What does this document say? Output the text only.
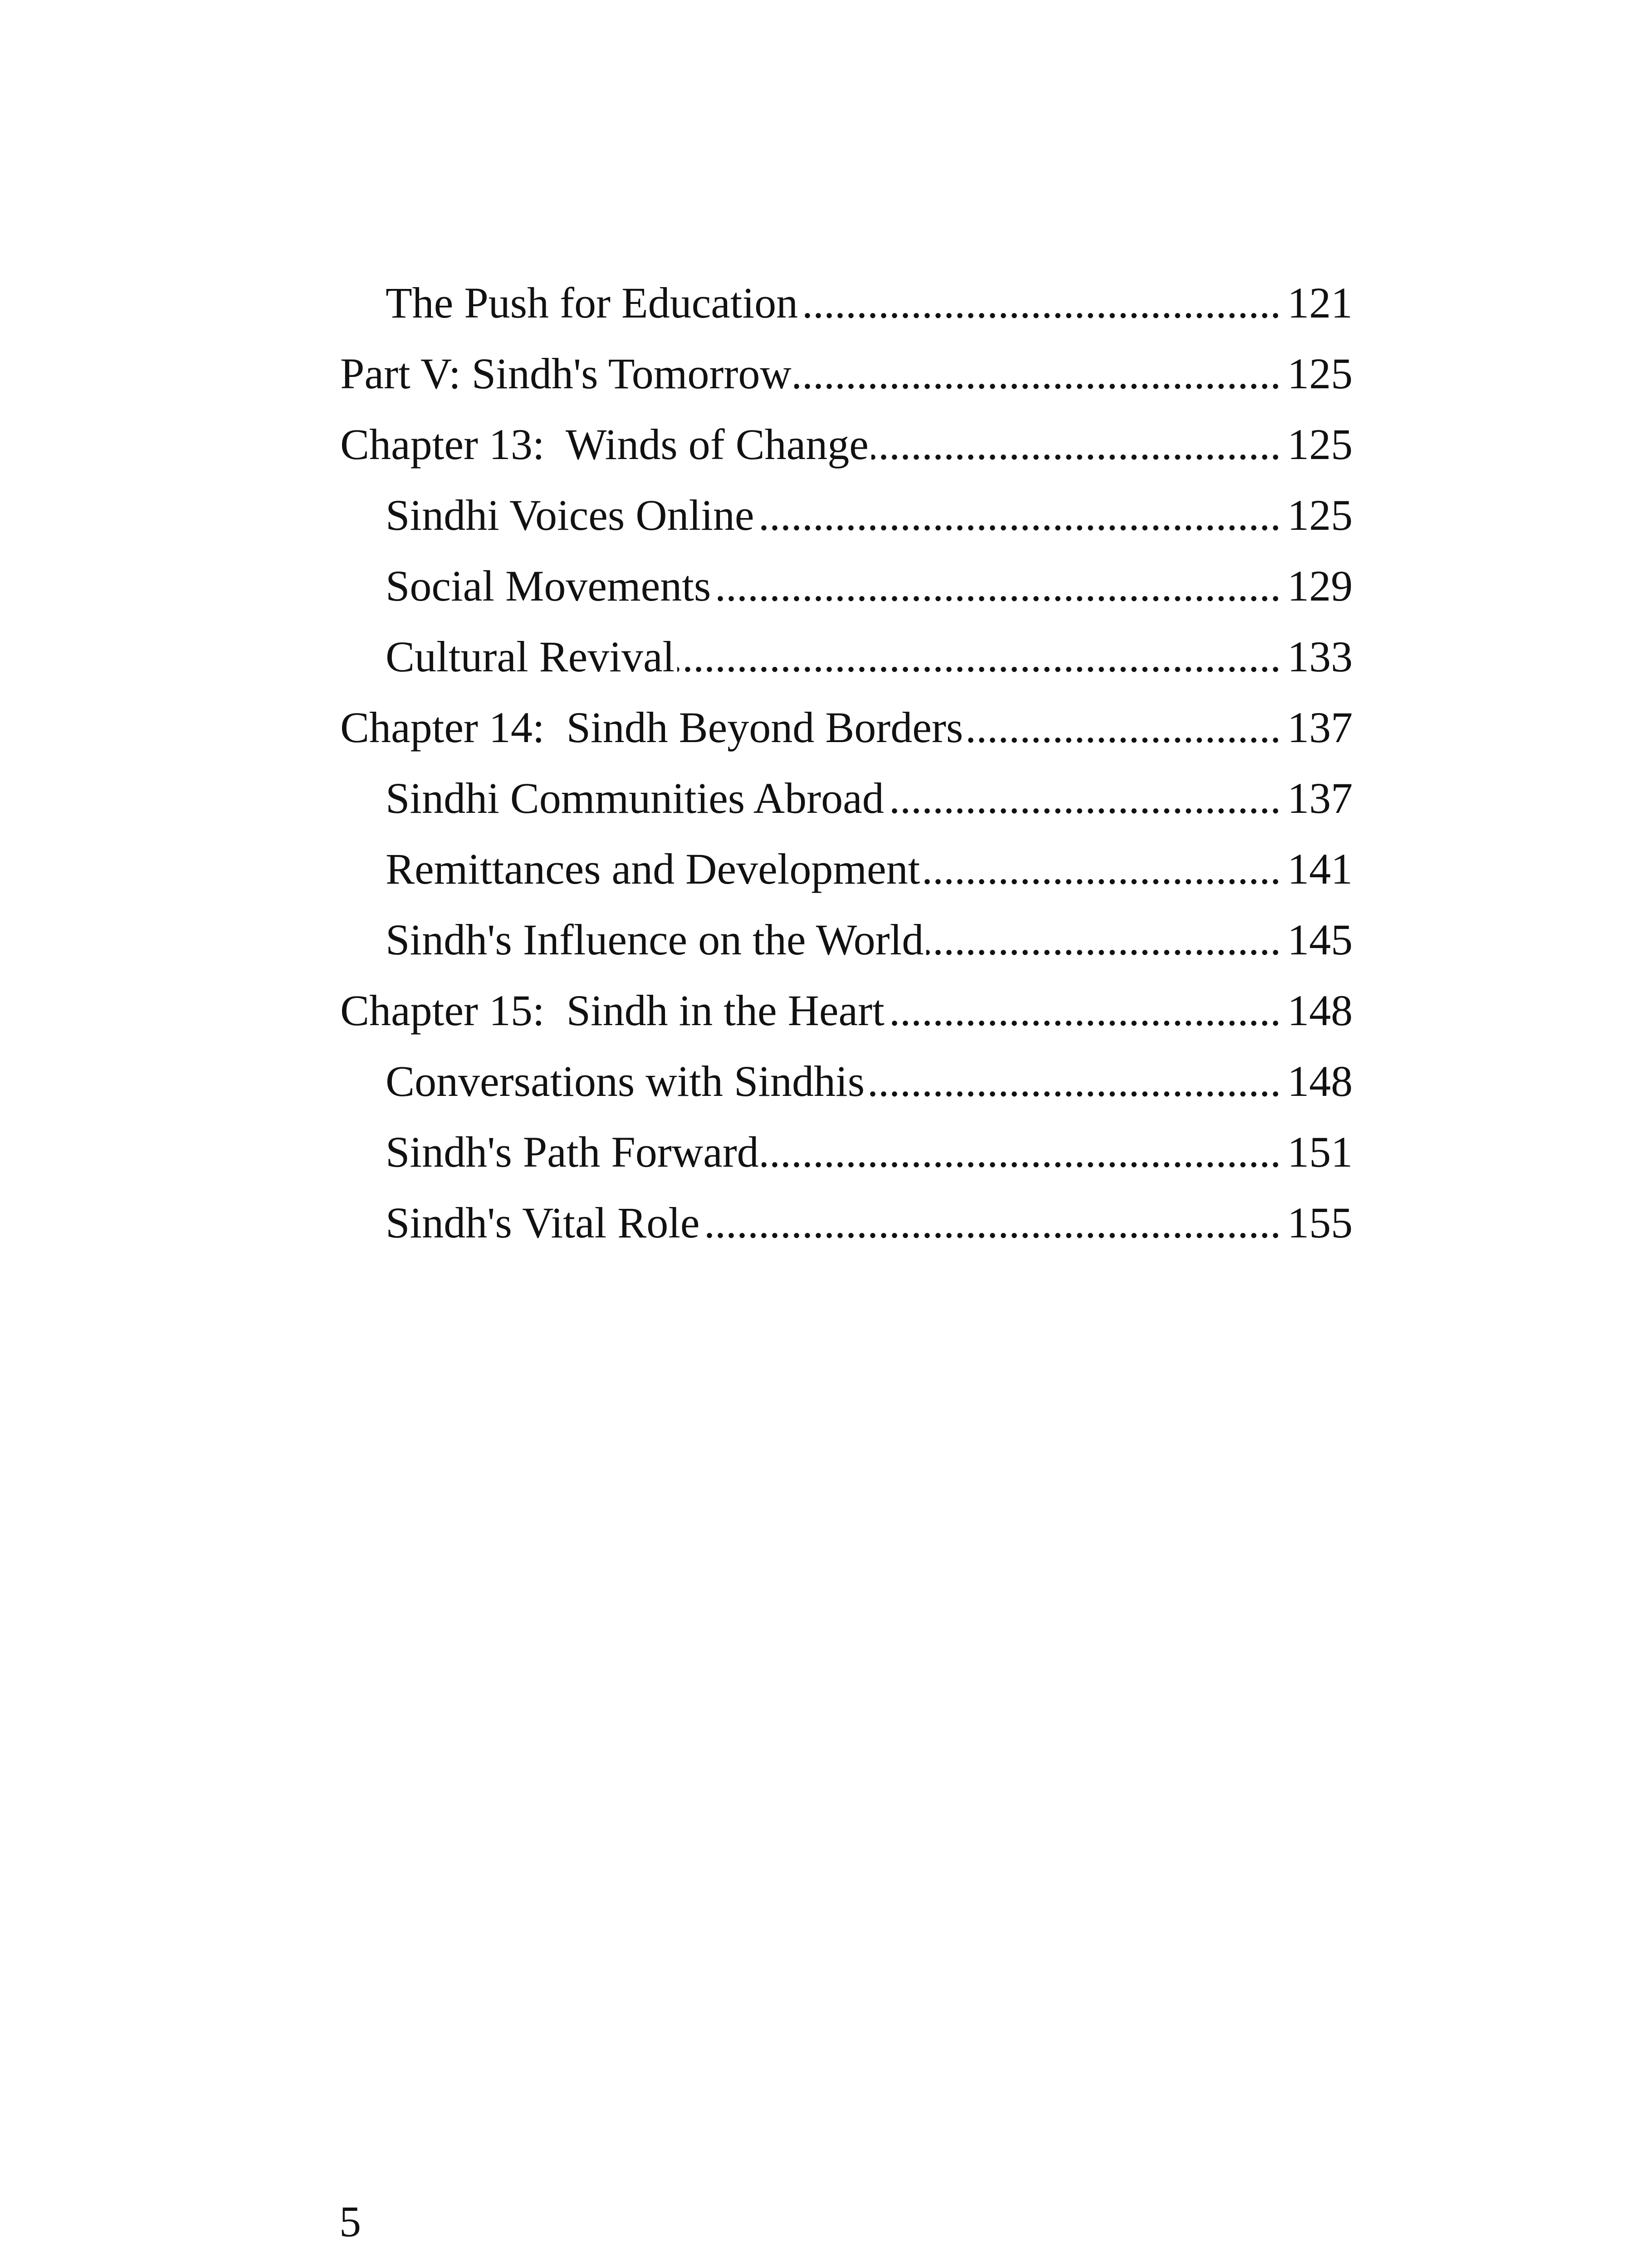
The Push for Education .....	121
Part V: Sindh's Tomorrow .....	125
Chapter 13:  Winds of Change .....	125
Sindhi Voices Online .....	125
Social Movements .....	129
Cultural Revival .....	133
Chapter 14:  Sindh Beyond Borders .....	137
Sindhi Communities Abroad .....	137
Remittances and Development .....	141
Sindh's Influence on the World .....	145
Chapter 15:  Sindh in the Heart .....	148
Conversations with Sindhis .....	148
Sindh's Path Forward .....	151
Sindh's Vital Role .....	155
5
